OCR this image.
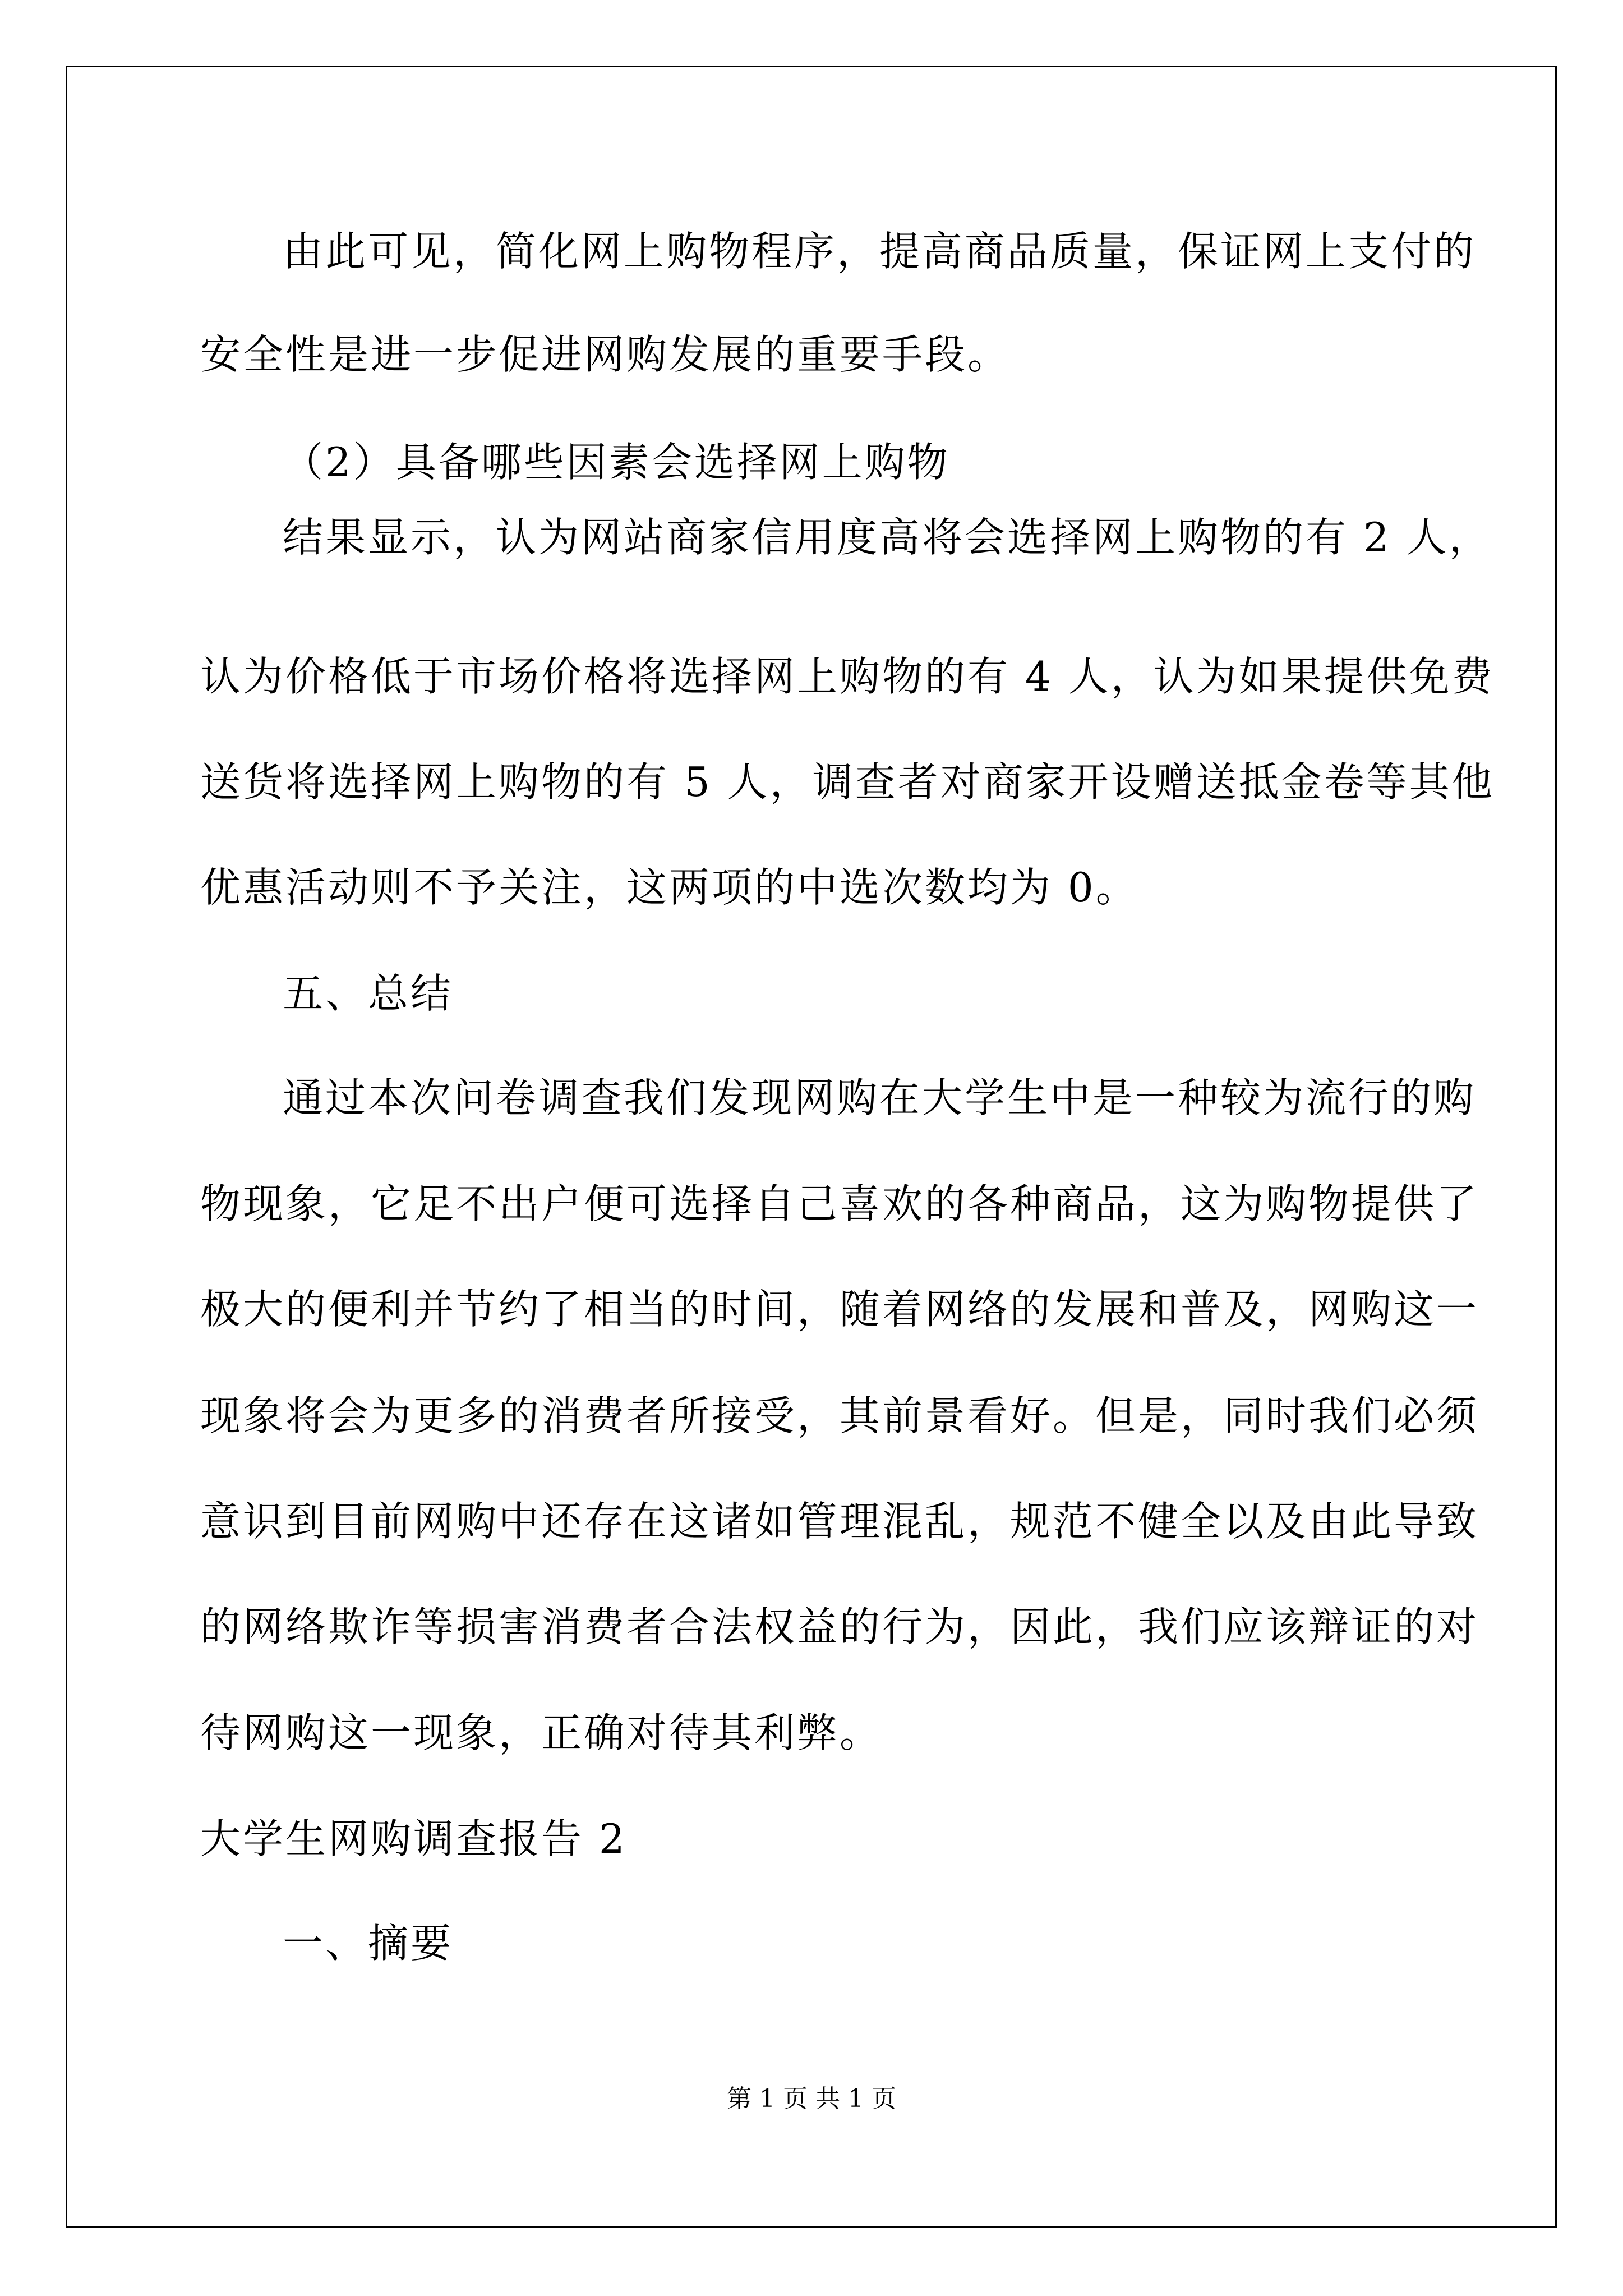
由此可见，简化网上购物程序，提高商品质量，保证网上支付的
安全性是进一步促进网购发展的重要手段。
（2）具备哪些因素会选择网上购物
结果显示，认为网站商家信用度高将会选择网上购物的有 2 人，
认为价格低于市场价格将选择网上购物的有 4 人，认为如果提供免费
送货将选择网上购物的有 5 人，调查者对商家开设赠送抵金卷等其他
优惠活动则不予关注，这两项的中选次数均为 0。
五、总结
通过本次问卷调查我们发现网购在大学生中是一种较为流行的购
物现象，它足不出户便可选择自己喜欢的各种商品，这为购物提供了
极大的便利并节约了相当的时间，随着网络的发展和普及，网购这一
现象将会为更多的消费者所接受，其前景看好。但是，同时我们必须
意识到目前网购中还存在这诸如管理混乱，规范不健全以及由此导致
的网络欺诈等损害消费者合法权益的行为，因此，我们应该辩证的对
待网购这一现象，正确对待其利弊。
大学生网购调查报告 2
一、摘要
第 1 页 共 1 页
